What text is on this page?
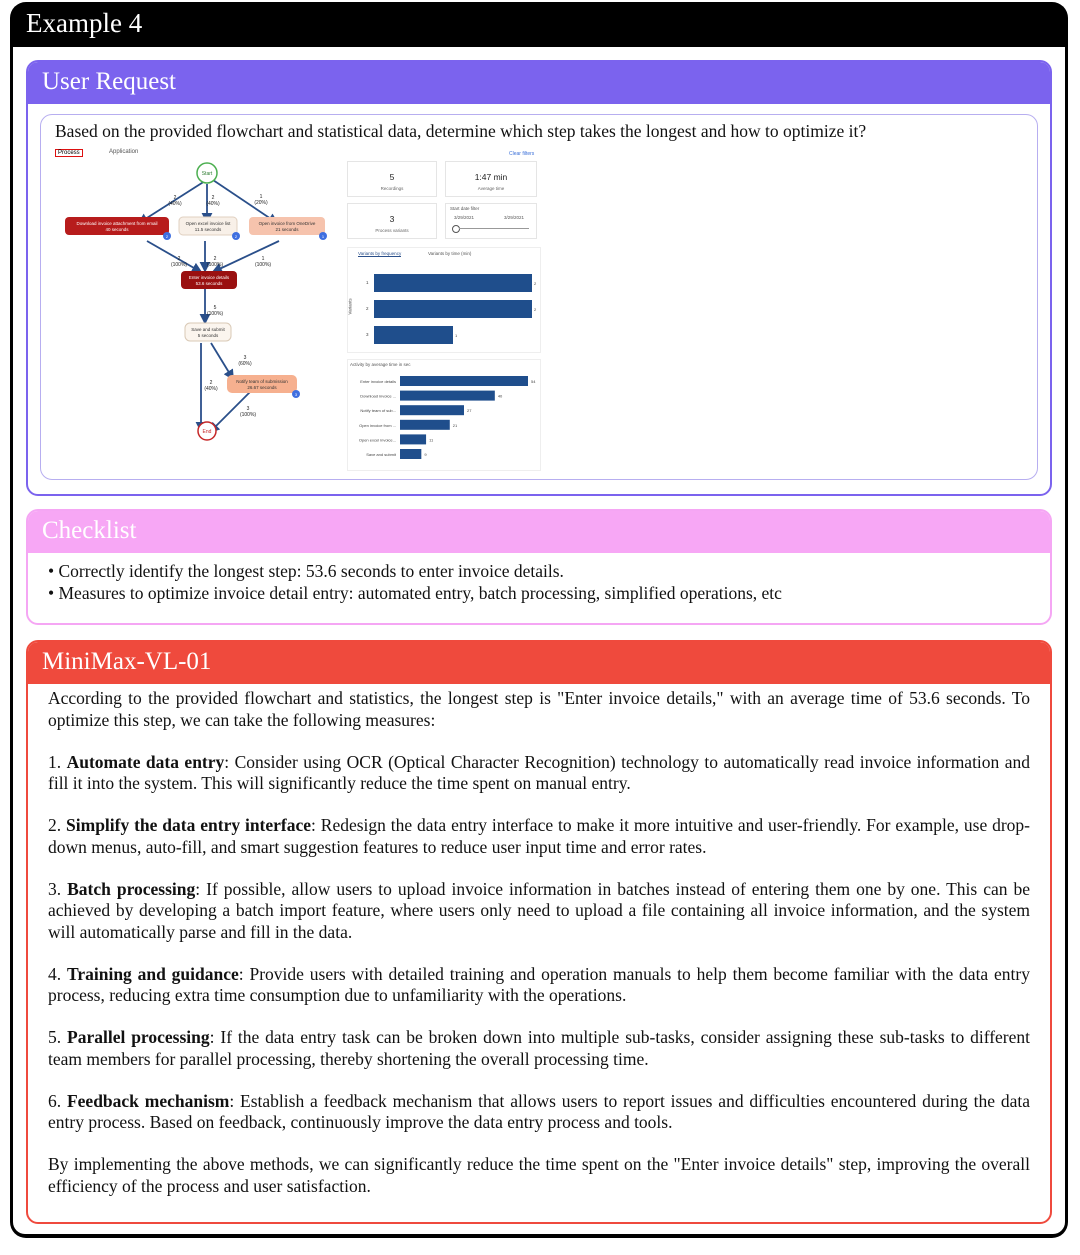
Example 4
User Request
Based on the provided flowchart and statistical data, determine which step takes the longest and how to optimize it?
Process	Application
2
(40%)
2
(40%)
1
(20%)
2
(100%)
2
(100%)
1
(100%)
5
(100%)
3
(60%)
2
(40%)
3
(100%)
Start
End
Download invoice attachment from email
40 seconds
2
Open excel invoice list
11.5 seconds
2
Open invoice from OneDrive
21 seconds
1
Enter invoice details
53.6 seconds
Save and submit
5 seconds
Notify team of submission
26.67 seconds
3
Clear filters
5
Recordings
1:47 min
Average time
3
Process variants
Start date filter
3/29/2021	3/29/2021
Variants by frequency	Variants by time (min)
Variants
1	2
2	2
3	1
Activity by average time in sec
Enter invoice details	54
Download invoice ...	40
Notify team of sub...	27
Open invoice from ...	21
Open excel invoice...	11
Save and submit	9
Checklist
• Correctly identify the longest step: 53.6 seconds to enter invoice details.
• Measures to optimize invoice detail entry: automated entry, batch processing, simplified operations, etc
MiniMax-VL-01

According to the provided flowchart and statistics, the longest step is "Enter invoice details," with an average time of 53.6 seconds. To optimize this step, we can take the following measures:

1. Automate data entry: Consider using OCR (Optical Character Recognition) technology to automatically read invoice information and fill it into the system. This will significantly reduce the time spent on manual entry.

2. Simplify the data entry interface: Redesign the data entry interface to make it more intuitive and user-friendly. For example, use drop-down menus, auto-fill, and smart suggestion features to reduce user input time and error rates.

3. Batch processing: If possible, allow users to upload invoice information in batches instead of entering them one by one. This can be achieved by developing a batch import feature, where users only need to upload a file containing all invoice information, and the system will automatically parse and fill in the data.

4. Training and guidance: Provide users with detailed training and operation manuals to help them become familiar with the data entry process, reducing extra time consumption due to unfamiliarity with the operations.

5. Parallel processing: If the data entry task can be broken down into multiple sub-tasks, consider assigning these sub-tasks to different team members for parallel processing, thereby shortening the overall processing time.

6. Feedback mechanism: Establish a feedback mechanism that allows users to report issues and difficulties encountered during the data entry process. Based on feedback, continuously improve the data entry process and tools.

By implementing the above methods, we can significantly reduce the time spent on the "Enter invoice details" step, improving the overall efficiency of the process and user satisfaction.
